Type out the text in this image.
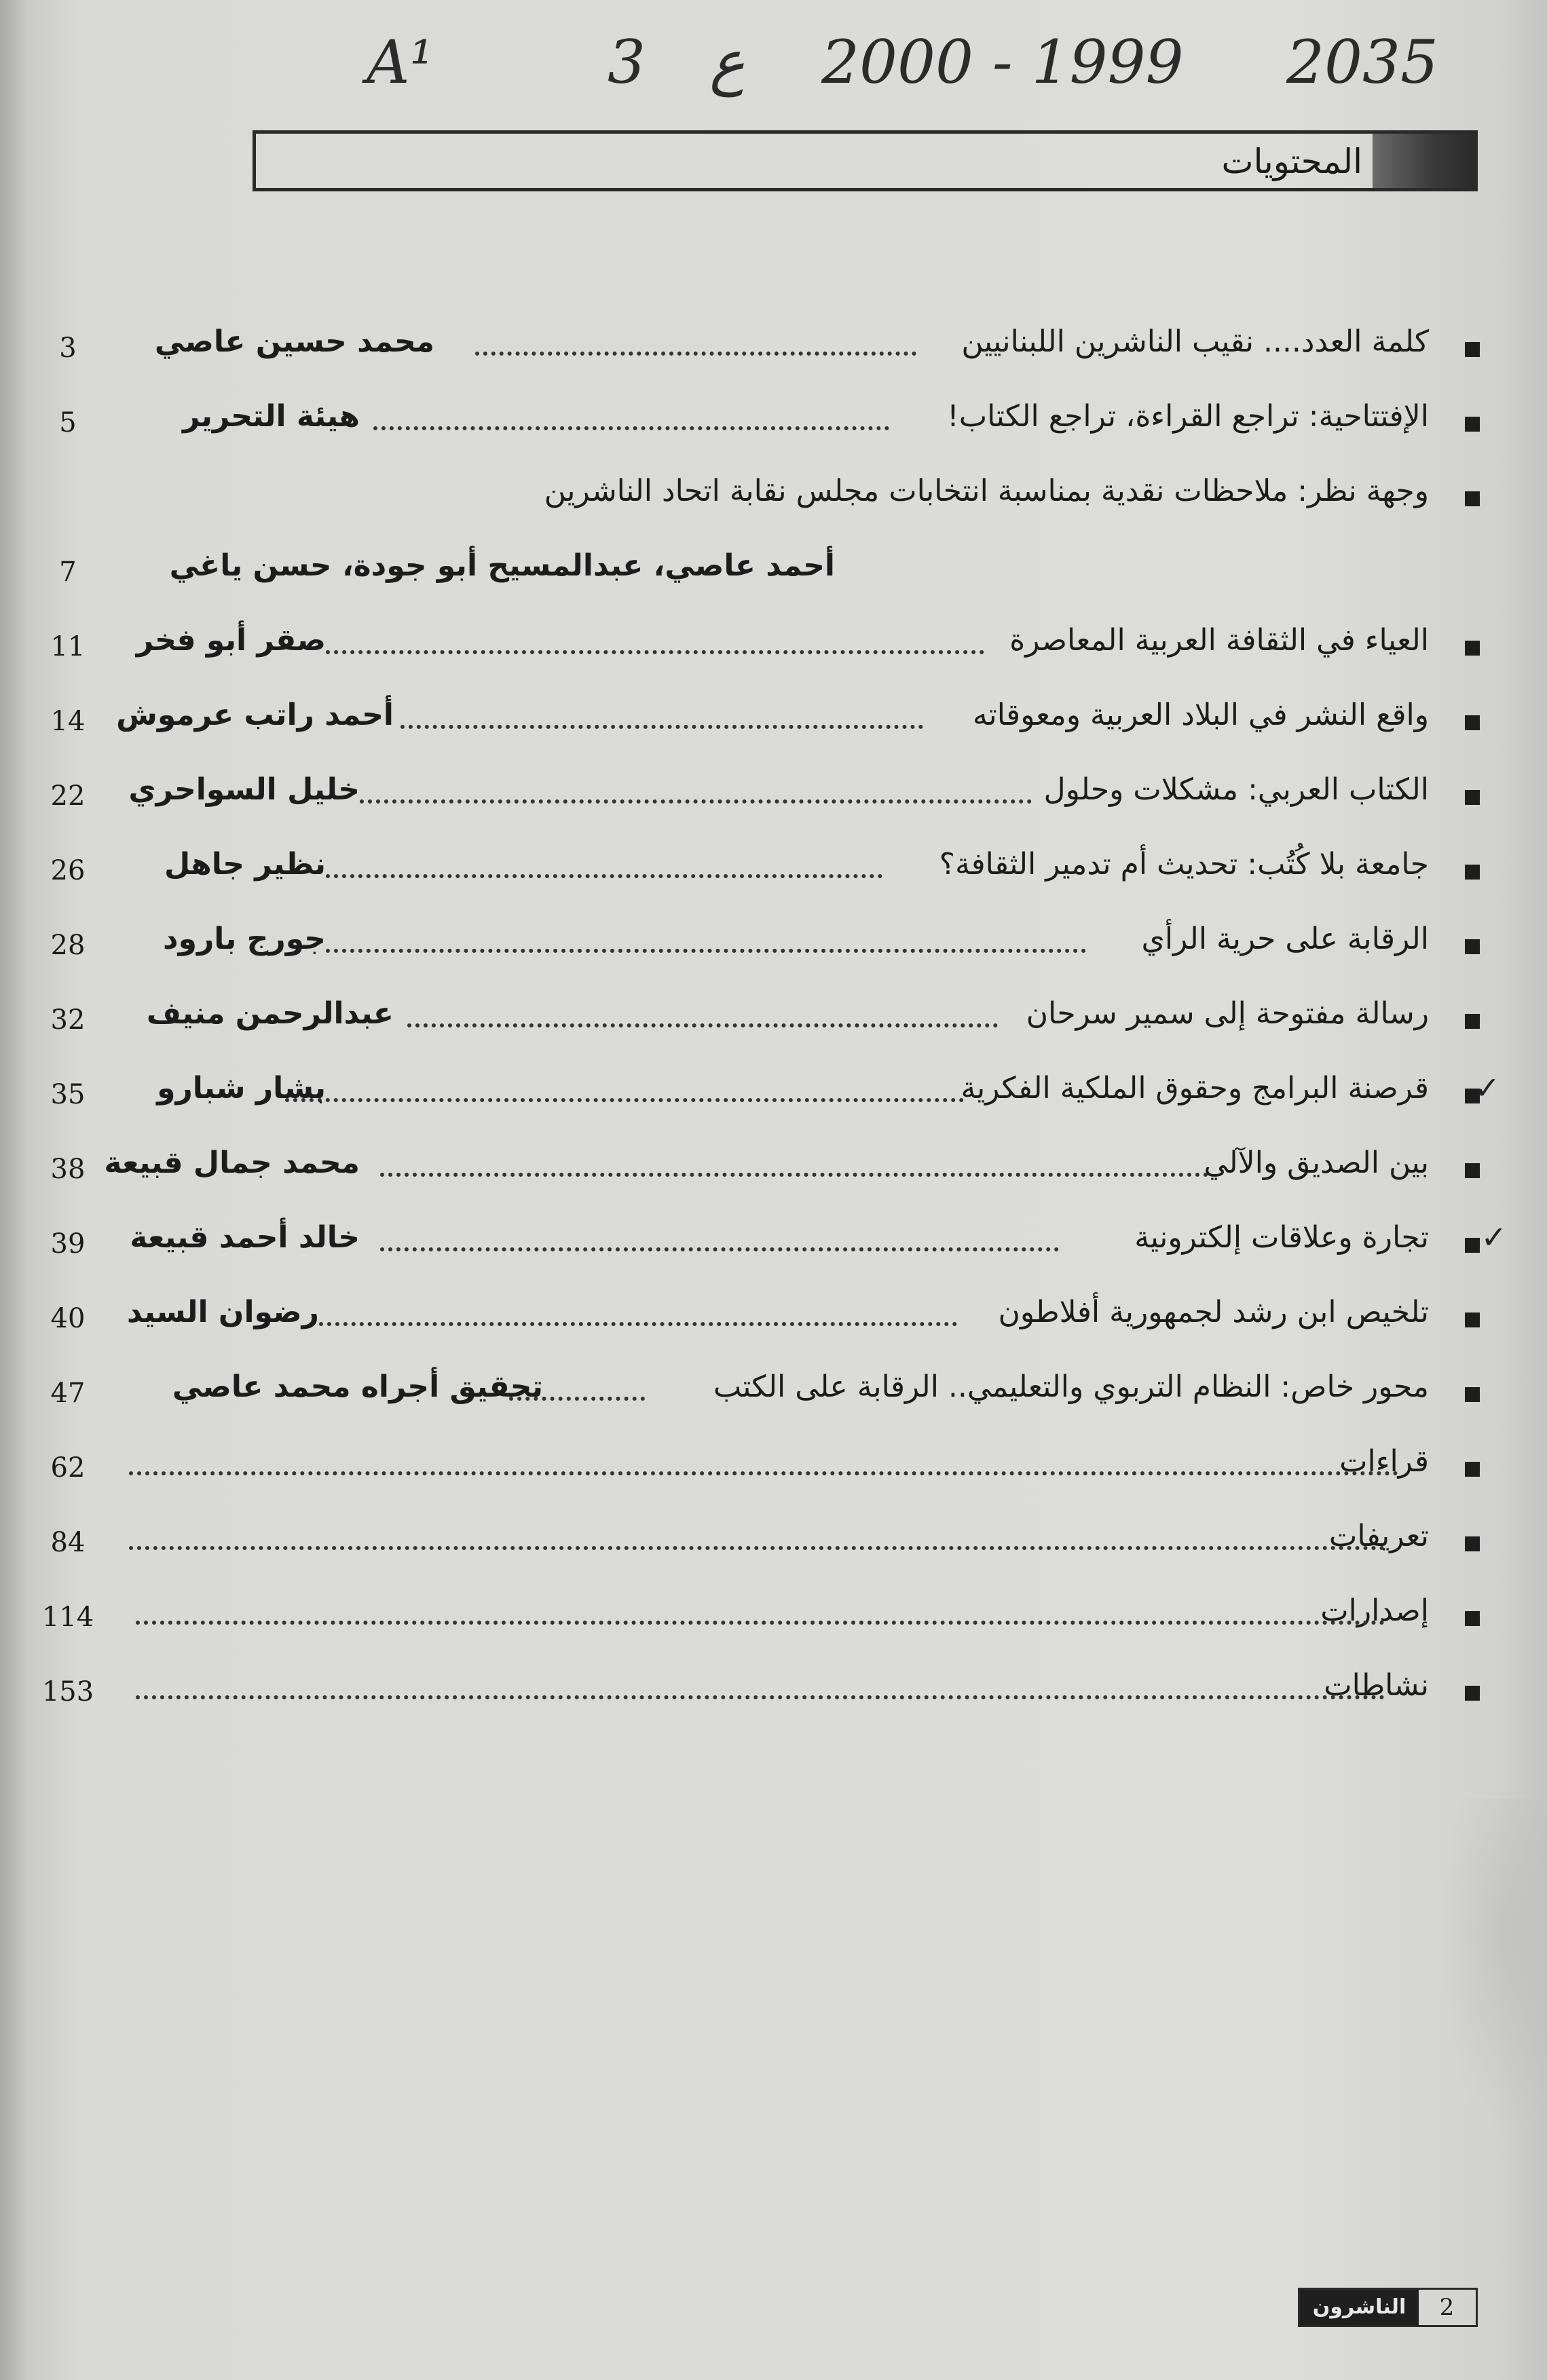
A¹	3 ع 2000 - 1999 2035
المحتويات
كلمة العدد.... نقيب الناشرين اللبنانيين
محمد حسين عاصي
3
الإفتتاحية: تراجع القراءة، تراجع الكتاب!
هيئة التحرير
5
وجهة نظر: ملاحظات نقدية بمناسبة انتخابات مجلس نقابة اتحاد الناشرين
أحمد عاصي، عبدالمسيح أبو جودة، حسن ياغي
7
العياء في الثقافة العربية المعاصرة
صقر أبو فخر
11
واقع النشر في البلاد العربية ومعوقاته
أحمد راتب عرموش
14
الكتاب العربي: مشكلات وحلول
خليل السواحري
22
جامعة بلا كُتُب: تحديث أم تدمير الثقافة؟
نظير جاهل
26
الرقابة على حرية الرأي
جورج بارود
28
رسالة مفتوحة إلى سمير سرحان
عبدالرحمن منيف
32
✓
قرصنة البرامج وحقوق الملكية الفكرية
بشار شبارو
35
بين الصديق والآلي
محمد جمال قبيعة
38
✓
تجارة وعلاقات إلكترونية
خالد أحمد قبيعة
39
تلخيص ابن رشد لجمهورية أفلاطون
رضوان السيد
40
محور خاص: النظام التربوي والتعليمي.. الرقابة على الكتب
تحقيق أجراه محمد عاصي
47
قراءات
62
تعريفات
84
إصدارات
114
نشاطات
153
الناشرون	2
